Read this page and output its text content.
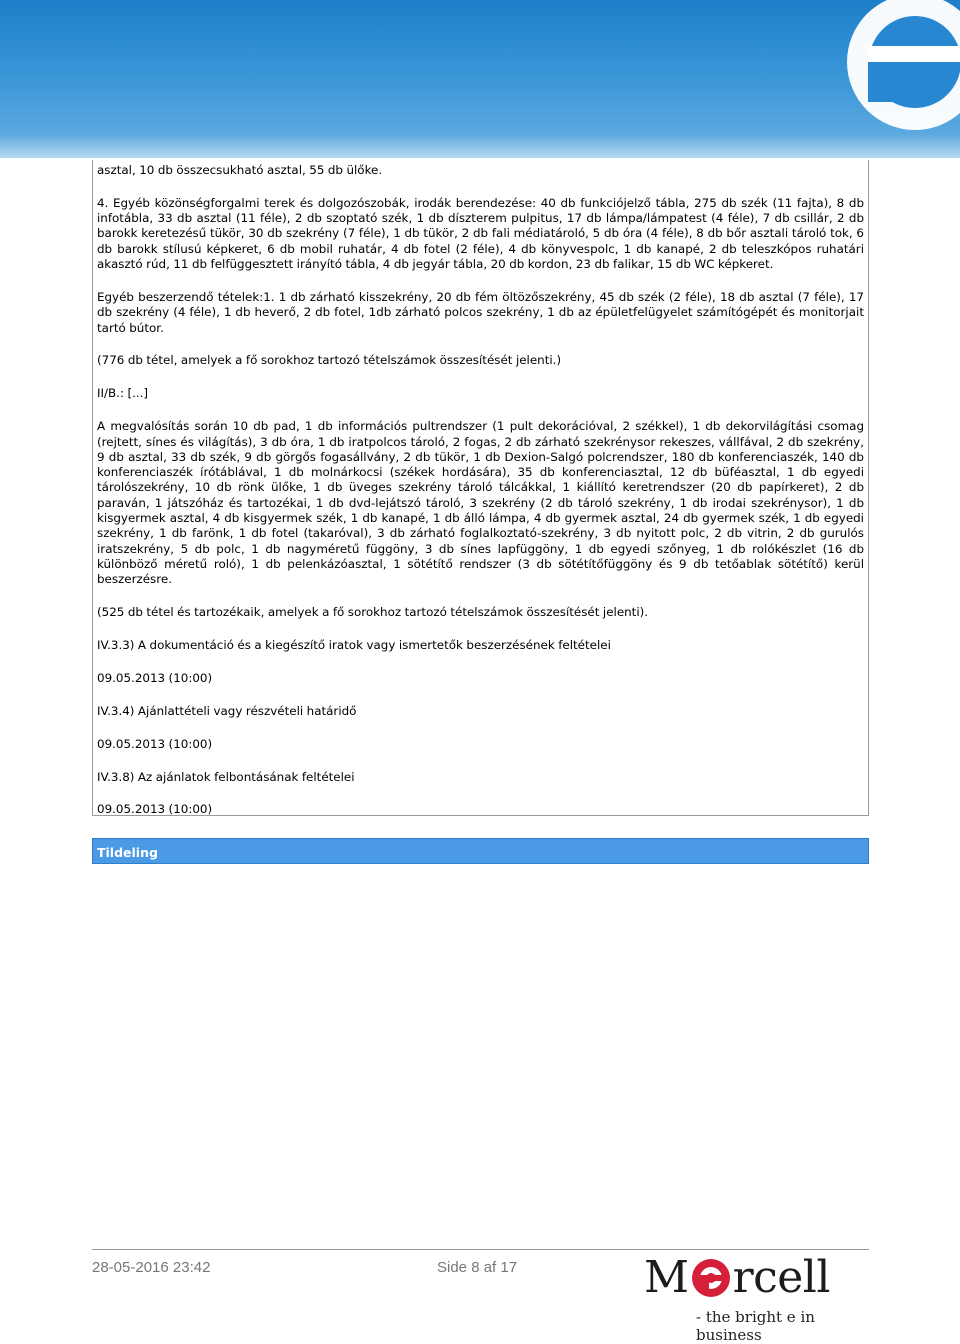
asztal, 10 db összecsukható asztal, 55 db ülőke.

4. Egyéb közönségforgalmi terek és dolgozószobák, irodák berendezése: 40 db funkciójelző tábla, 275 db szék (11 fajta), 8 db infotábla, 33 db asztal (11 féle), 2 db szoptató szék, 1 db díszterem pulpitus, 17 db lámpa/lámpatest (4 féle), 7 db csillár, 2 db barokk keretezésű tükör, 30 db szekrény (7 féle), 1 db tükör, 2 db fali médiatároló, 5 db óra (4 féle), 8 db bőr asztali tároló tok, 6 db barokk stílusú képkeret, 6 db mobil ruhatár, 4 db fotel (2 féle), 4 db könyvespolc, 1 db kanapé, 2 db teleszkópos ruhatári akasztó rúd, 11 db felfüggesztett irányító tábla, 4 db jegyár tábla, 20 db kordon, 23 db falikar, 15 db WC képkeret.

Egyéb beszerzendő tételek:1. 1 db zárható kisszekrény, 20 db fém öltözőszekrény, 45 db szék (2 féle), 18 db asztal (7 féle), 17 db szekrény (4 féle), 1 db heverő, 2 db fotel, 1db zárható polcos szekrény, 1 db az épületfelügyelet számítógépét és monitorjait tartó bútor.

(776 db tétel, amelyek a fő sorokhoz tartozó tételszámok összesítését jelenti.)

II/B.: [...]

A megvalósítás során 10 db pad, 1 db információs pultrendszer (1 pult dekorációval, 2 székkel), 1 db dekorvilágítási csomag (rejtett, sínes és világítás), 3 db óra, 1 db iratpolcos tároló, 2 fogas, 2 db zárható szekrénysor rekeszes, vállfával, 2 db szekrény, 9 db asztal, 33 db szék, 9 db görgős fogasállvány, 2 db tükör, 1 db Dexion-Salgó polcrendszer, 180 db konferenciaszék, 140 db konferenciaszék írótáblával, 1 db molnárkocsi (székek hordására), 35 db konferenciasztal, 12 db büféasztal, 1 db egyedi tárolószekrény, 10 db rönk ülőke, 1 db üveges szekrény tároló tálcákkal, 1 kiállító keretrendszer (20 db papírkeret), 2 db paraván, 1 játszóház és tartozékai, 1 db dvd-lejátszó tároló, 3 szekrény (2 db tároló szekrény, 1 db irodai szekrénysor), 1 db kisgyermek asztal, 4 db kisgyermek szék, 1 db kanapé, 1 db álló lámpa, 4 db gyermek asztal, 24 db gyermek szék, 1 db egyedi szekrény, 1 db farönk, 1 db fotel (takaróval), 3 db zárható foglalkoztató-szekrény, 3 db nyitott polc, 2 db vitrin, 2 db gurulós iratszekrény, 5 db polc, 1 db nagyméretű függöny, 3 db sínes lapfüggöny, 1 db egyedi szőnyeg, 1 db rolókészlet (16 db különböző méretű roló), 1 db pelenkázóasztal, 1 sötétítő rendszer (3 db sötétítőfüggöny és 9 db tetőablak sötétítő) kerül beszerzésre.

(525 db tétel és tartozékaik, amelyek a fő sorokhoz tartozó tételszámok összesítését jelenti).

IV.3.3) A dokumentáció és a kiegészítő iratok vagy ismertetők beszerzésének feltételei

09.05.2013 (10:00)

IV.3.4) Ajánlattételi vagy részvételi határidő

09.05.2013 (10:00)

IV.3.8) Az ajánlatok felbontásának feltételei

09.05.2013 (10:00)

Tildeling
28-05-2016 23:42	Side 8 af 17	M rcell
- the bright e in business
